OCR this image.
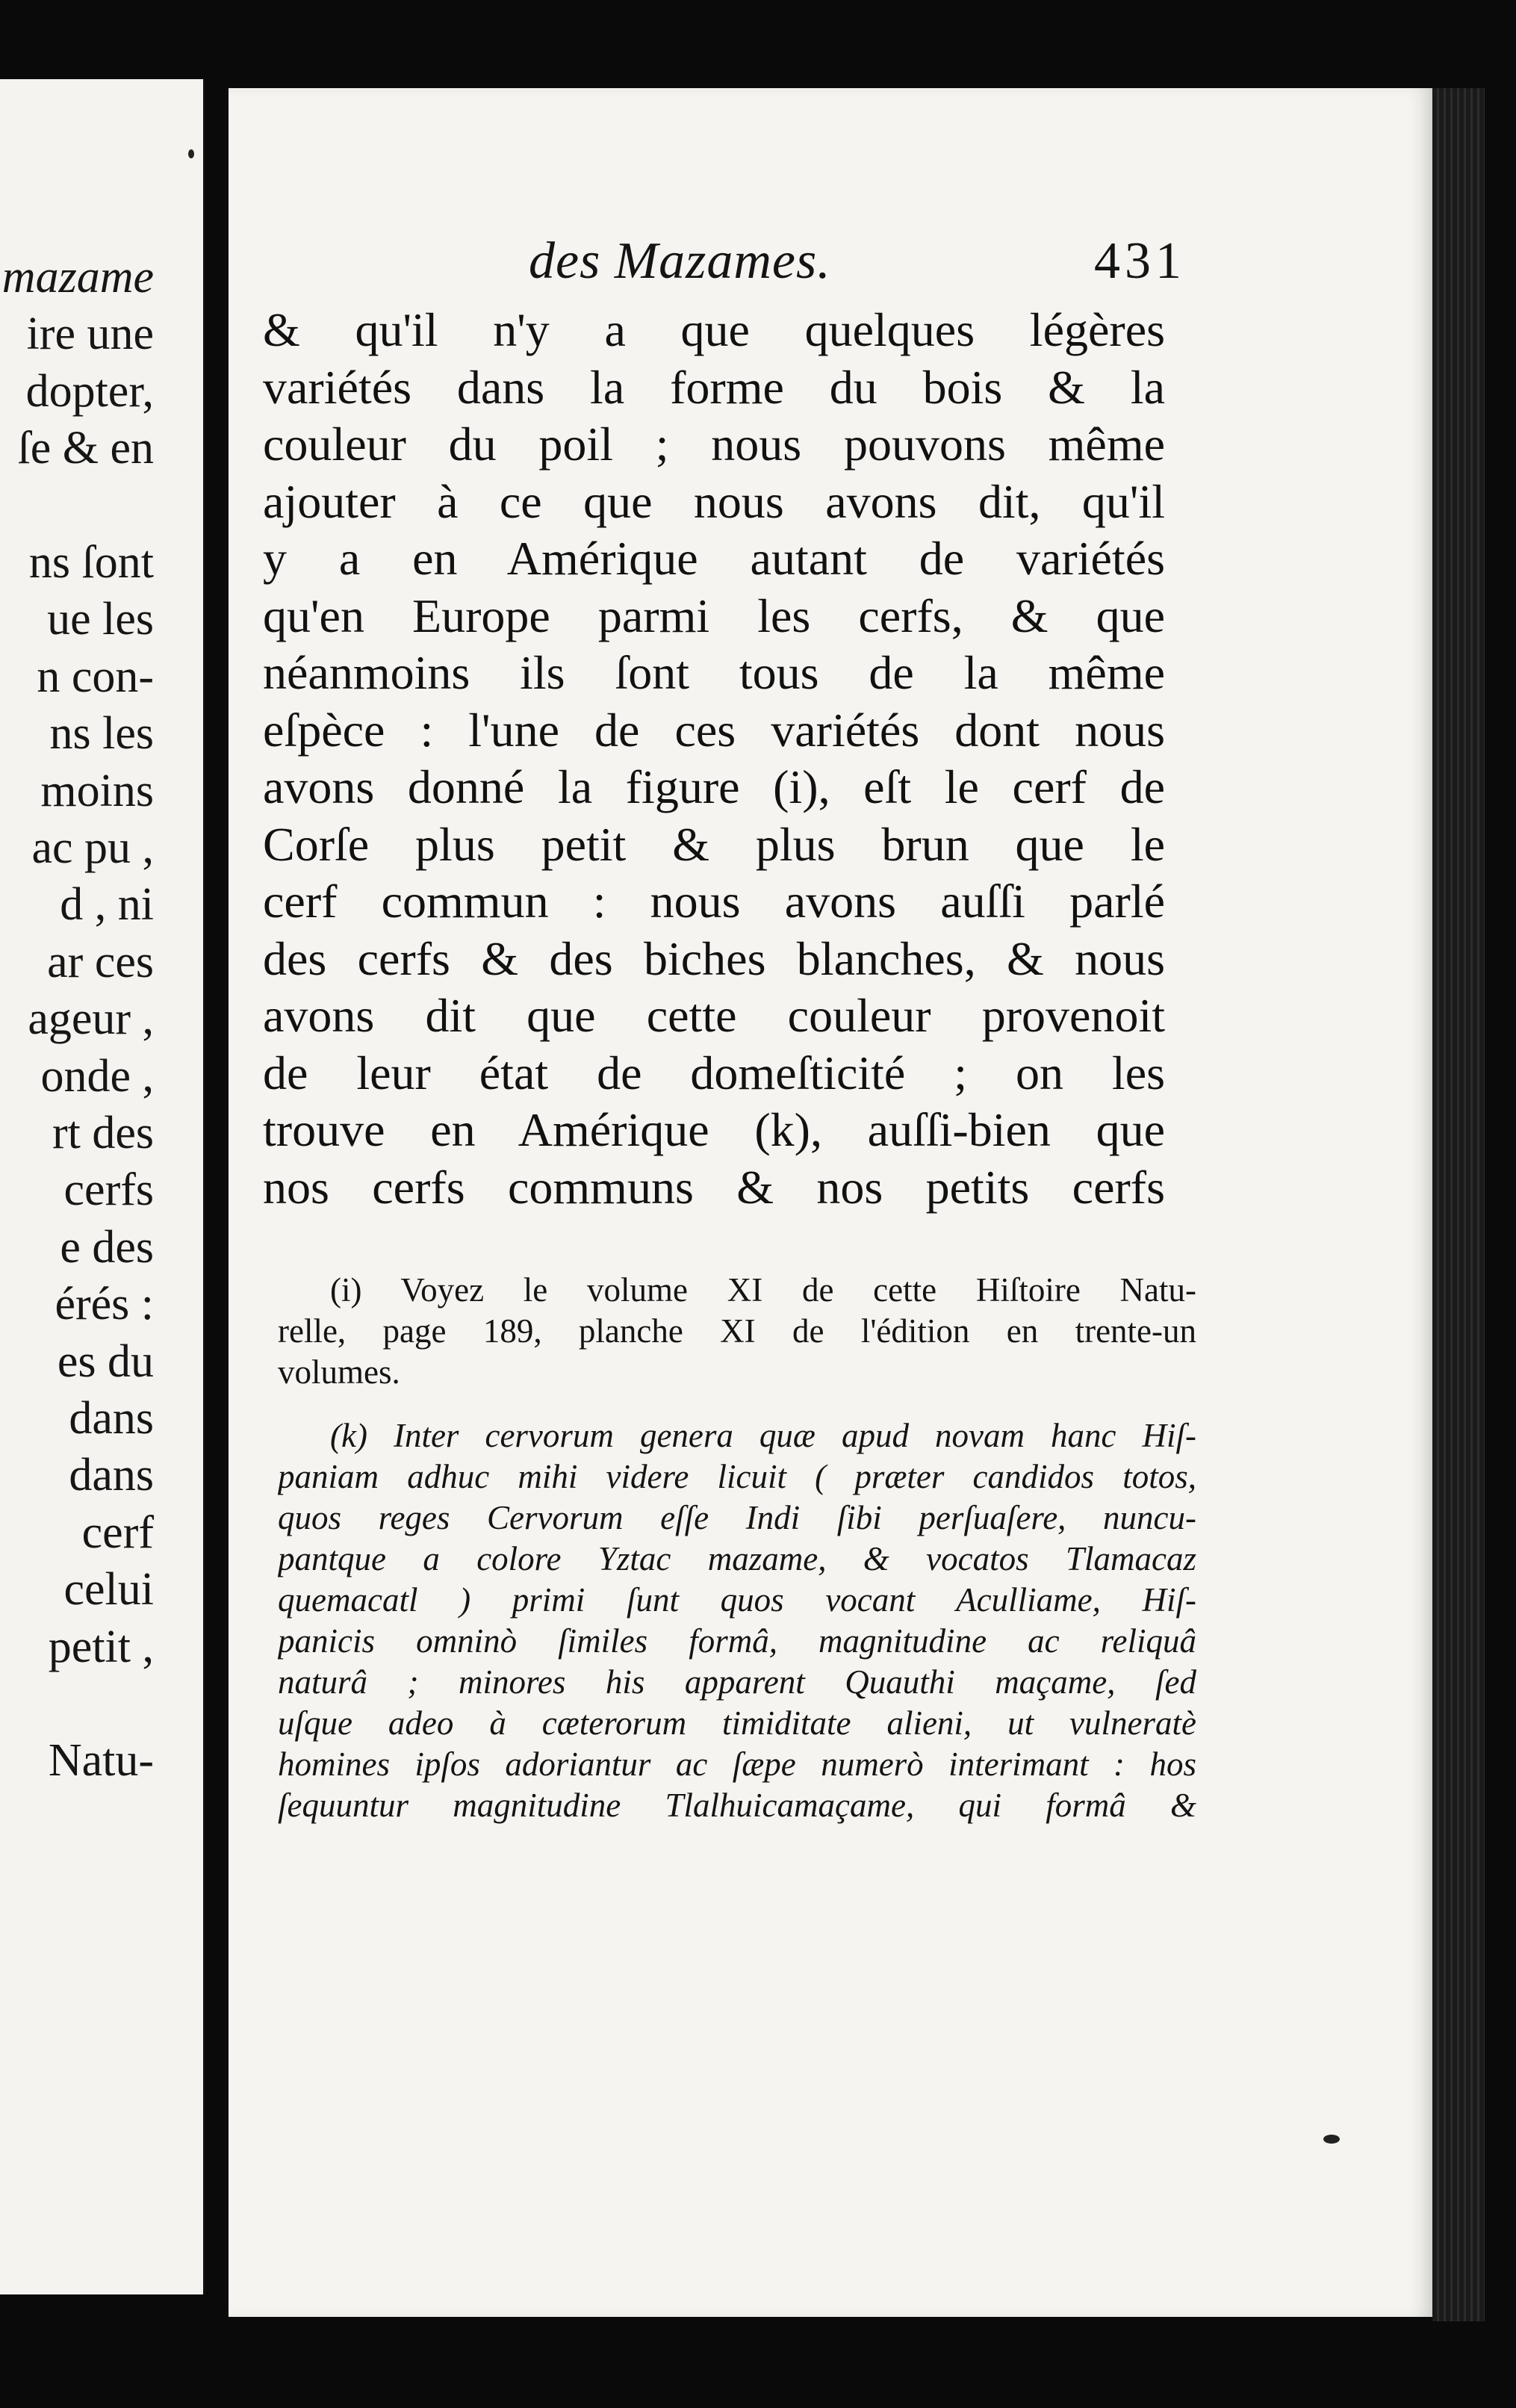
mazame
ire une
dopter,
ſe & en
ns ſont
ue les
n con-
ns les
moins
ac pu ,
d , ni
ar ces
ageur ,
onde ,
rt des
cerfs
e des
érés :
es du
dans
dans
cerf
celui
petit ,
Natu-
des Mazames.	431
& qu'il n'y a que quelques légères
variétés dans la forme du bois & la
couleur du poil ; nous pouvons même
ajouter à ce que nous avons dit, qu'il
y a en Amérique autant de variétés
qu'en Europe parmi les cerfs, & que
néanmoins ils ſont tous de la même
eſpèce : l'une de ces variétés dont nous
avons donné la figure (i), eſt le cerf de
Corſe plus petit & plus brun que le
cerf commun : nous avons auſſi parlé
des cerfs & des biches blanches, & nous
avons dit que cette couleur provenoit
de leur état de domeſticité ; on les
trouve en Amérique (k), auſſi-bien que
nos cerfs communs & nos petits cerfs
(i) Voyez le volume XI de cette Hiſtoire Natu-
relle, page 189, planche XI de l'édition en trente-un
volumes.
(k) Inter cervorum genera quæ apud novam hanc Hiſ-
paniam adhuc mihi videre licuit ( præter candidos totos,
quos reges Cervorum eſſe Indi ſibi perſuaſere, nuncu-
pantque a colore Yztac mazame, & vocatos Tlamacaz
quemacatl ) primi ſunt quos vocant Aculliame, Hiſ-
panicis omninò ſimiles formâ, magnitudine ac reliquâ
naturâ ; minores his apparent Quauthi maçame, ſed
uſque adeo à cæterorum timiditate alieni, ut vulneratè
homines ipſos adoriantur ac ſæpe numerò interimant : hos
ſequuntur magnitudine Tlalhuicamaçame, qui formâ &
